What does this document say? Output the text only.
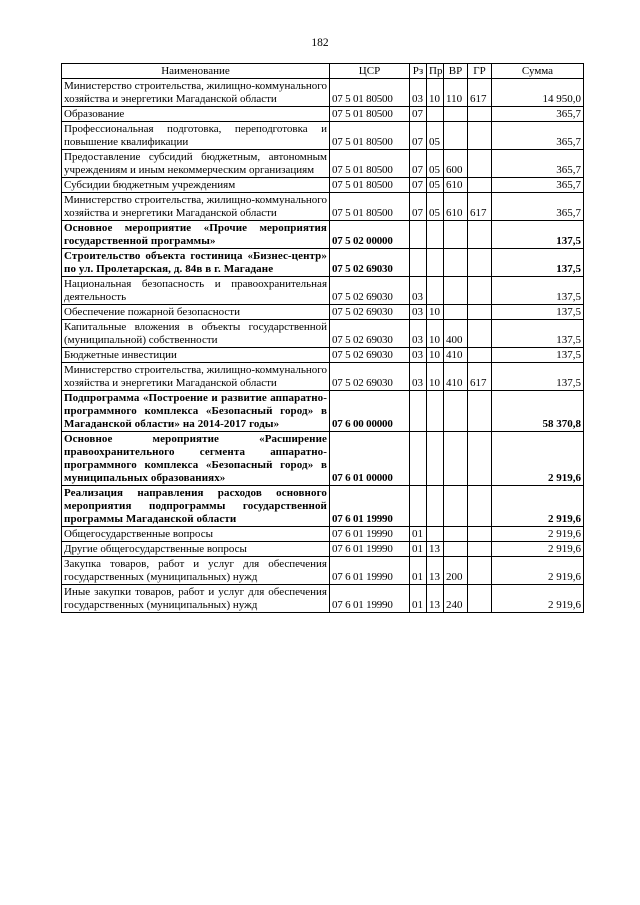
182
Наименование	ЦСР	Рз	Пр	ВР	ГР	Сумма
Министерство строительства, жилищно-коммунального хозяйства и энергетики Магаданской области	07 5 01 80500	03	10	110	617	14 950,0
Образование	07 5 01 80500	07				365,7
Профессиональная подготовка, переподготовка и повышение квалификации	07 5 01 80500	07	05			365,7
Предоставление субсидий бюджетным, автономным учреждениям и иным некоммерческим организациям	07 5 01 80500	07	05	600		365,7
Субсидии бюджетным учреждениям	07 5 01 80500	07	05	610		365,7
Министерство строительства, жилищно-коммунального хозяйства и энергетики Магаданской области	07 5 01 80500	07	05	610	617	365,7
Основное мероприятие «Прочие мероприятия государственной программы»	07 5 02 00000					137,5
Строительство объекта гостиница «Бизнес-центр» по ул. Пролетарская, д. 84в в г. Магадане	07 5 02 69030					137,5
Национальная безопасность и правоохранительная деятельность	07 5 02 69030	03				137,5
Обеспечение пожарной безопасности	07 5 02 69030	03	10			137,5
Капитальные вложения в объекты государственной (муниципальной) собственности	07 5 02 69030	03	10	400		137,5
Бюджетные инвестиции	07 5 02 69030	03	10	410		137,5
Министерство строительства, жилищно-коммунального хозяйства и энергетики Магаданской области	07 5 02 69030	03	10	410	617	137,5
Подпрограмма «Построение и развитие аппаратно-программного комплекса «Безопасный город» в Магаданской области» на 2014-2017 годы»	07 6 00 00000					58 370,8
Основное мероприятие «Расширение правоохранительного сегмента аппаратно-программного комплекса «Безопасный город» в муниципальных образованиях»	07 6 01 00000					2 919,6
Реализация направления расходов основного мероприятия подпрограммы государственной программы Магаданской области	07 6 01 19990					2 919,6
Общегосударственные вопросы	07 6 01 19990	01				2 919,6
Другие общегосударственные вопросы	07 6 01 19990	01	13			2 919,6
Закупка товаров, работ и услуг для обеспечения государственных (муниципальных) нужд	07 6 01 19990	01	13	200		2 919,6
Иные закупки товаров, работ и услуг для обеспечения государственных (муниципальных) нужд	07 6 01 19990	01	13	240		2 919,6
